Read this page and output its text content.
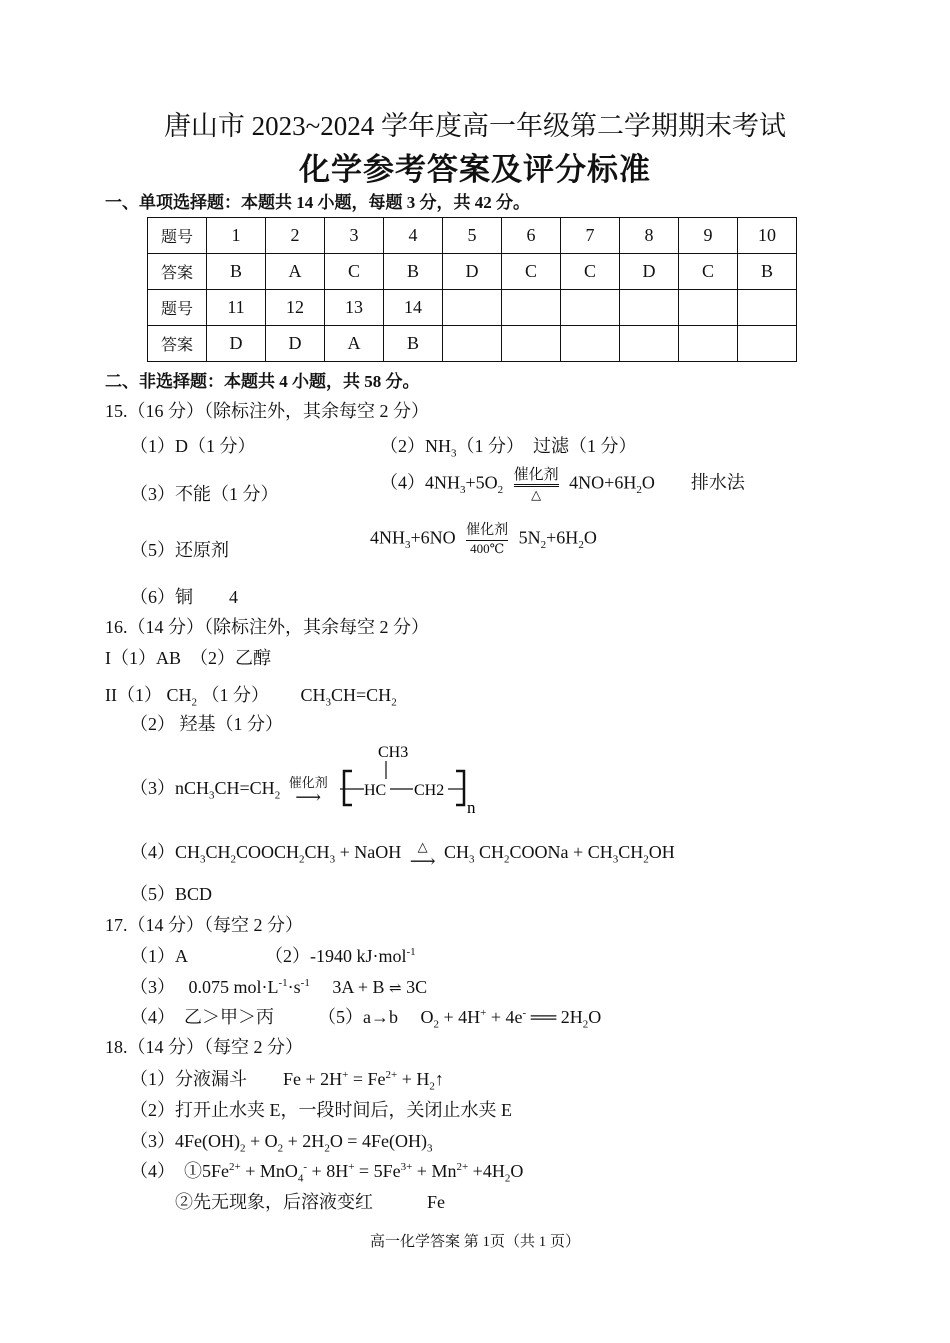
唐山市 2023~2024 学年度高一年级第二学期期末考试
化学参考答案及评分标准
一、单项选择题：本题共 14 小题，每题 3 分，共 42 分。
题号	1	2	3	4	5	6	7	8	9	10
答案	B	A	C	B	D	C	C	D	C	B
题号	11	12	13	14						
答案	D	D	A	B						
二、非选择题：本题共 4 小题，共 58 分。
15.（16 分）（除标注外，其余每空 2 分）
（1）D（1 分）	$(2)NH_3(1$ 分）　过滤（1 分）
（3）不能（1 分）
$(4)4NH_3+5O_2$
催化剂
△
$4NO+6H_2O$　　排水法
（5）还原剂
$4NH_3+6NO$ 催化剂
400℃
$5N_2+6H_2O$
（6）铜　　4
16.（14 分）（除标注外，其余每空 2 分）
I（1）AB　（2）乙醇
II（1） $CH_2$ （1 分）　　 $CH_3CH=CH_2$
（2） 羟基（1 分）
$(3)nCH_3CH=CH_2$
催化剂
⟶
CH3
HC CH2
n
$(4)CH_3CH_2COOCH_2CH_3$ + NaOH △
⟶ $CH_3$ $CH_2COONa + CH_3CH_2OH$
（5）BCD
17.（14 分）（每空 2 分）
（1）A	（2）-1940 kJ·mol$^{-1}$
（3）　 0.075 $mol\cdot L^{-1}\cdot s^{-1}$　 3A + B ⇌ 3C
（4）　乙＞甲＞丙 （5）a→b　 $O_2 + 4H^+ + 4e^-$ ══ $2H_2O$
18.（14 分）（每空 2 分）
（1）分液漏斗　　$Fe + 2H^+ = Fe^{2+}$ + $H_2↑$
（2）打开止水夹 E，一段时间后，关闭止水夹 E
$(3)4Fe(OH)_2 + O_2 + 2H_2O = 4Fe(OH)_3$
（4）　$①5Fe^{2+} + MnO_4^- + 8H^+ = 5Fe^{3+} + Mn^{2+} +4H_2O$
②先无现象，后溶液变红　　　	Fe
高一化学答案 第 1页（共 1 页）
